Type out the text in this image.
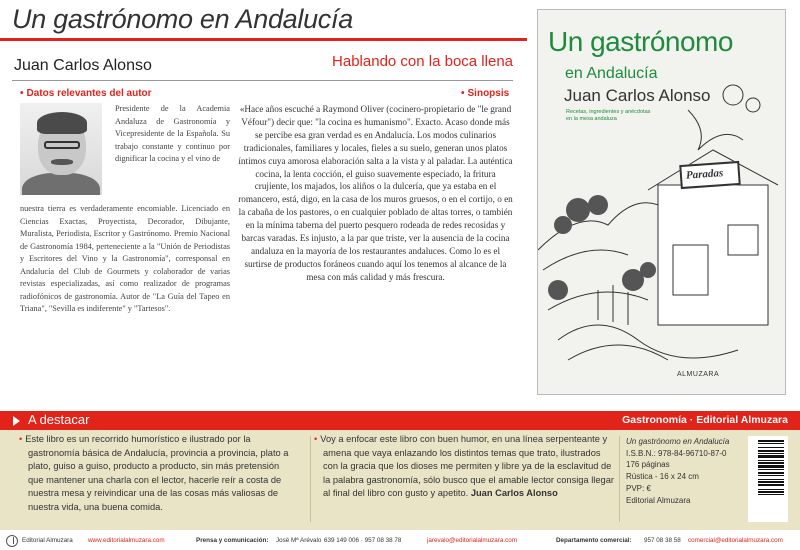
Un gastrónomo en Andalucía
Juan Carlos Alonso	Hablando con la boca llena
• Datos relevantes del autor	• Sinopsis
Presidente de la Academia Andaluza de Gastronomía y Vicepresidente de la Española. Su trabajo constante y continuo por dignificar la cocina y el vino de
nuestra tierra es verdaderamente encomiable. Licenciado en Ciencias Exactas, Proyectista, Decorador, Dibujante, Muralista, Periodista, Escritor y Gastrónomo. Premio Nacional de Gastronomía 1984, perteneciente a la "Unión de Periodistas y Escritores del Vino y la Gastronomía", corresponsal en Andalucía del Club de Gourmets y colaborador de varias revistas especializadas, así como realizador de programas radiofónicos de gastronomía. Autor de "La Guía del Tapeo en Triana", "Sevilla es indiferente" y "Tartesos".
«Hace años escuché a Raymond Oliver (cocinero-propietario de "le grand Véfour") decir que: "la cocina es humanismo". Exacto. Acaso donde más se percibe esa gran verdad es en Andalucía. Los modos culinarios tradicionales, familiares y locales, fieles a su suelo, generan unos platos íntimos cuya amorosa elaboración salta a la vista y al paladar. La auténtica cocina, la lenta cocción, el guiso suavemente especiado, la fritura crujiente, los majados, los aliños o la dulcería, que ya estaba en el romancero, está, digo, en la casa de los muros gruesos, o en el cortijo, o en la cabaña de los pastores, o en cualquier poblado de altas torres, o también en la mínima taberna del puerto pesquero rodeada de redes recosidas y barcas varadas. Es injusto, a la par que triste, ver la ausencia de la cocina andaluza en la mayoría de los restaurantes andaluces. Como lo es el surtirse de productos foráneos cuando aquí los tenemos al alcance de la mesa con más calidad y más frescura.
Un gastrónomo
en Andalucía
Juan Carlos Alonso
Recetas, ingredientes y anécdotas en la mesa andaluza
Paradas
ALMUZARA
A destacar	Gastronomía · Editorial Almuzara
• Este libro es un recorrido humorístico e ilustrado por la gastronomía básica de Andalucía, provincia a provincia, plato a plato, guiso a guiso, producto a producto, sin más pretensión que mantener una charla con el lector, hacerle reír a costa de nuestra mesa y reivindicar una de las cosas más valiosas de nuestra vida, una buena comida.
• Voy a enfocar este libro con buen humor, en una línea serpenteante y amena que vaya enlazando los distintos temas que trato, ilustrados con la gracia que los dioses me permiten y libre ya de la esclavitud de la palabra gastronomía, sólo busco que el amable lector consiga llegar al final del libro con gusto y apetito. Juan Carlos Alonso
Un gastrónomo en Andalucía
I.S.B.N.: 978-84-96710-87-0
176 páginas
Rústica - 16 x 24 cm
PVP: €
Editorial Almuzara
Editorial Almuzara www.editorialalmuzara.com	Prensa y comunicación: José Mª Arévalo 639 149 006 · 957 08 38 78	jarevalo@editorialalmuzara.com	Departamento comercial: 957 08 38 58 comercial@editorialalmuzara.com
